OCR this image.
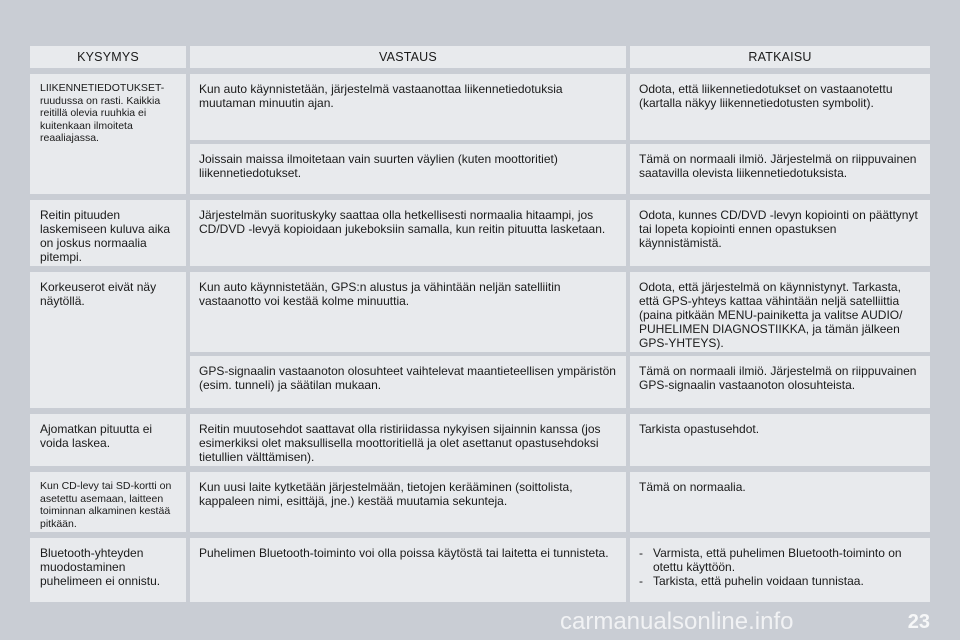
KYSYMYS	VASTAUS	RATKAISU
LIIKENNETIEDOTUKSET-ruudussa on rasti. Kaikkia reitillä olevia ruuhkia ei kuitenkaan ilmoiteta reaaliajassa.
Kun auto käynnistetään, järjestelmä vastaanottaa liikennetiedotuksia muutaman minuutin ajan.
Odota, että liikennetiedotukset on vastaanotettu (kartalla näkyy liikennetiedotusten symbolit).
Joissain maissa ilmoitetaan vain suurten väylien (kuten moottoritiet) liikennetiedotukset.
Tämä on normaali ilmiö. Järjestelmä on riippuvainen saatavilla olevista liikennetiedotuksista.
Reitin pituuden laskemiseen kuluva aika on joskus normaalia pitempi.
Järjestelmän suorituskyky saattaa olla hetkellisesti normaalia hitaampi, jos CD/DVD -levyä kopioidaan jukeboksiin samalla, kun reitin pituutta lasketaan.
Odota, kunnes CD/DVD -levyn kopiointi on päättynyt tai lopeta kopiointi ennen opastuksen käynnistämistä.
Korkeuserot eivät näy näytöllä.
Kun auto käynnistetään, GPS:n alustus ja vähintään neljän satelliitin vastaanotto voi kestää kolme minuuttia.
Odota, että järjestelmä on käynnistynyt. Tarkasta, että GPS-yhteys kattaa vähintään neljä satelliittia (paina pitkään MENU-painiketta ja valitse AUDIO/ PUHELIMEN DIAGNOSTIIKKA, ja tämän jälkeen GPS-YHTEYS).
GPS-signaalin vastaanoton olosuhteet vaihtelevat maantieteellisen ympäristön (esim. tunneli) ja säätilan mukaan.
Tämä on normaali ilmiö. Järjestelmä on riippuvainen GPS-signaalin vastaanoton olosuhteista.
Ajomatkan pituutta ei voida laskea.
Reitin muutosehdot saattavat olla ristiriidassa nykyisen sijainnin kanssa (jos esimerkiksi olet maksullisella moottoritiellä ja olet asettanut opastusehdoksi tietullien välttämisen).
Tarkista opastusehdot.
Kun CD-levy tai SD-kortti on asetettu asemaan, laitteen toiminnan alkaminen kestää pitkään.
Kun uusi laite kytketään järjestelmään, tietojen kerääminen (soittolista, kappaleen nimi, esittäjä, jne.) kestää muutamia sekunteja.
Tämä on normaalia.
Bluetooth-yhteyden muodostaminen puhelimeen ei onnistu.
Puhelimen Bluetooth-toiminto voi olla poissa käytöstä tai laitetta ei tunnisteta.
-	Varmista, että puhelimen Bluetooth-toiminto on otettu käyttöön.
- Tarkista, että puhelin voidaan tunnistaa.
carmanualsonline.info	23
